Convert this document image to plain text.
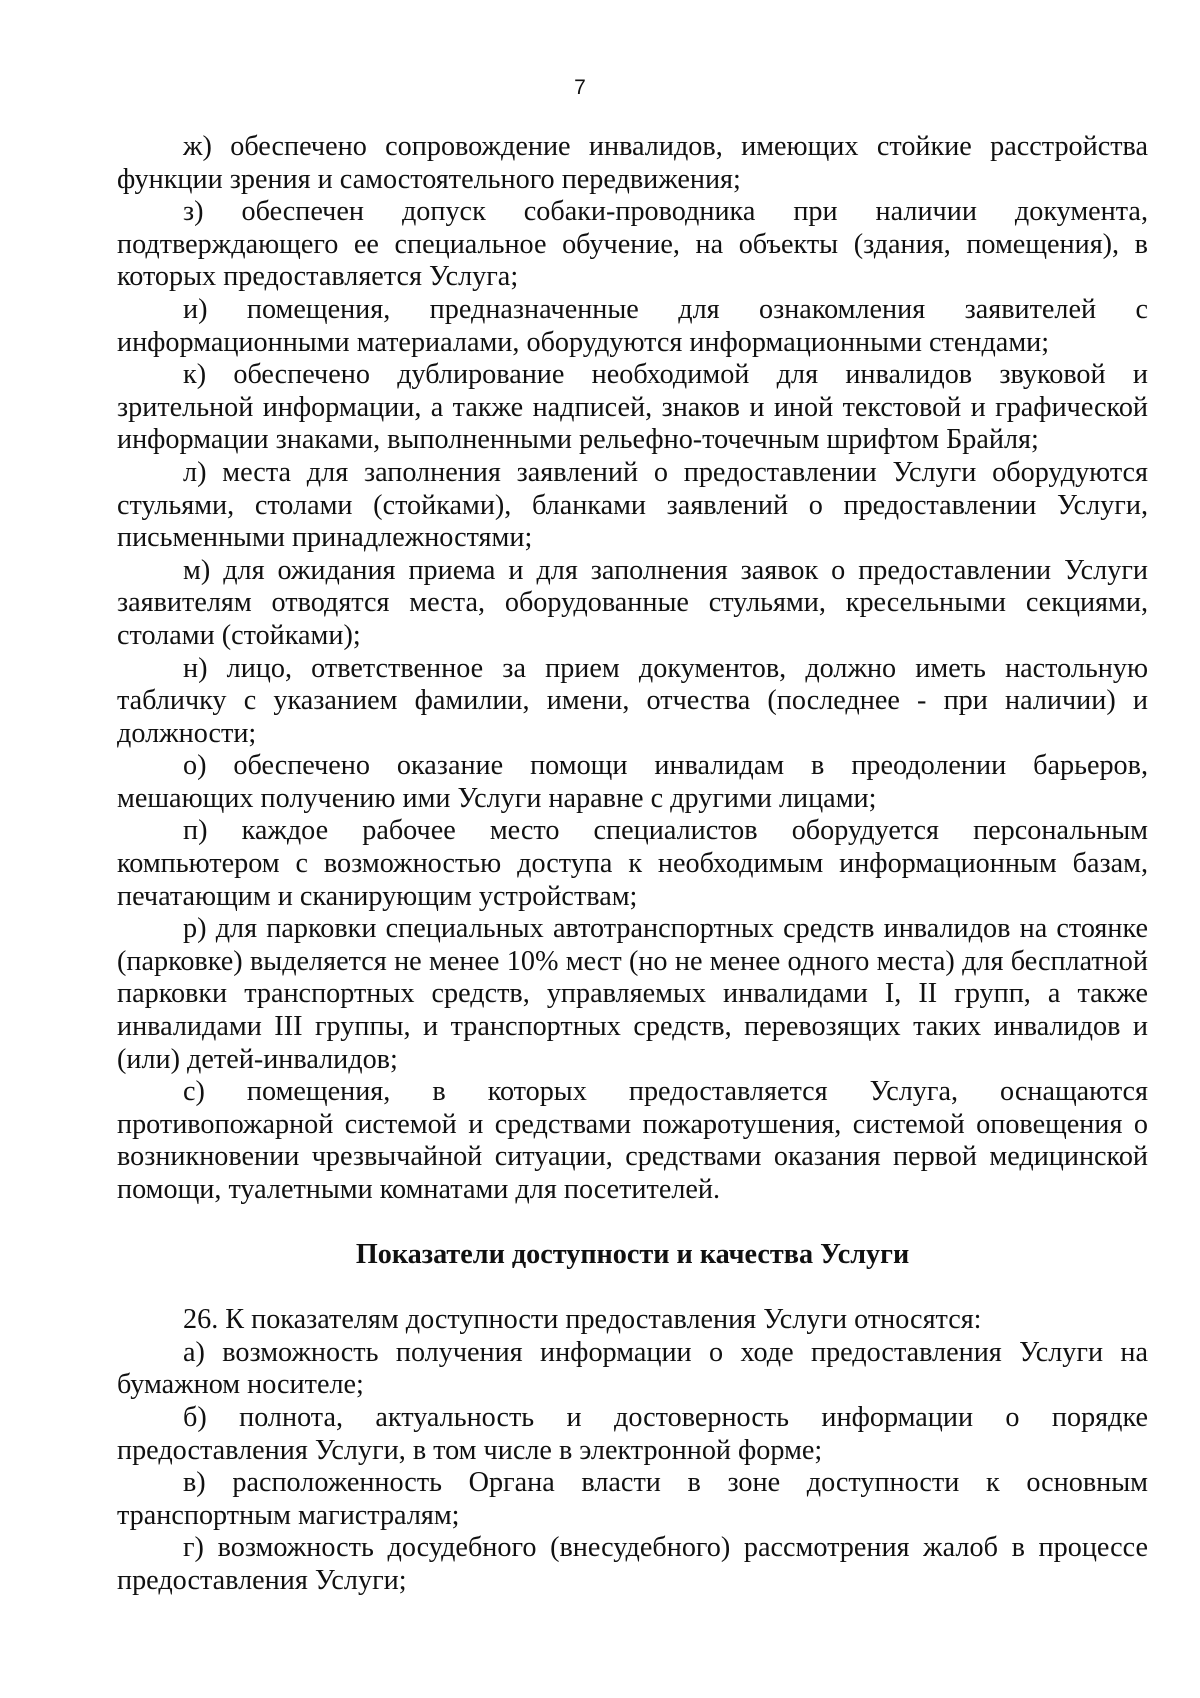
7

ж) обеспечено сопровождение инвалидов, имеющих стойкие расстройства функции зрения и самостоятельного передвижения;

з) обеспечен допуск собаки-проводника при наличии документа, подтверждающего ее специальное обучение, на объекты (здания, помещения), в которых предоставляется Услуга;

и) помещения, предназначенные для ознакомления заявителей с информационными материалами, оборудуются информационными стендами;

к) обеспечено дублирование необходимой для инвалидов звуковой и зрительной информации, а также надписей, знаков и иной текстовой и графической информации знаками, выполненными рельефно-точечным шрифтом Брайля;

л) места для заполнения заявлений о предоставлении Услуги оборудуются стульями, столами (стойками), бланками заявлений о предоставлении Услуги, письменными принадлежностями;

м) для ожидания приема и для заполнения заявок о предоставлении Услуги заявителям отводятся места, оборудованные стульями, кресельными секциями, столами (стойками);

н) лицо, ответственное за прием документов, должно иметь настольную табличку с указанием фамилии, имени, отчества (последнее - при наличии) и должности;

о) обеспечено оказание помощи инвалидам в преодолении барьеров, мешающих получению ими Услуги наравне с другими лицами;

п) каждое рабочее место специалистов оборудуется персональным компьютером с возможностью доступа к необходимым информационным базам, печатающим и сканирующим устройствам;

р) для парковки специальных автотранспортных средств инвалидов на стоянке (парковке) выделяется не менее 10% мест (но не менее одного места) для бесплатной парковки транспортных средств, управляемых инвалидами I, II групп, а также инвалидами III группы, и транспортных средств, перевозящих таких инвалидов и (или) детей-инвалидов;

с) помещения, в которых предоставляется Услуга, оснащаются противопожарной системой и средствами пожаротушения, системой оповещения о возникновении чрезвычайной ситуации, средствами оказания первой медицинской помощи, туалетными комнатами для посетителей.

Показатели доступности и качества Услуги

26. К показателям доступности предоставления Услуги относятся:

а) возможность получения информации о ходе предоставления Услуги на бумажном носителе;

б) полнота, актуальность и достоверность информации о порядке предоставления Услуги, в том числе в электронной форме;

в) расположенность Органа власти в зоне доступности к основным транспортным магистралям;

г) возможность досудебного (внесудебного) рассмотрения жалоб в процессе предоставления Услуги;
